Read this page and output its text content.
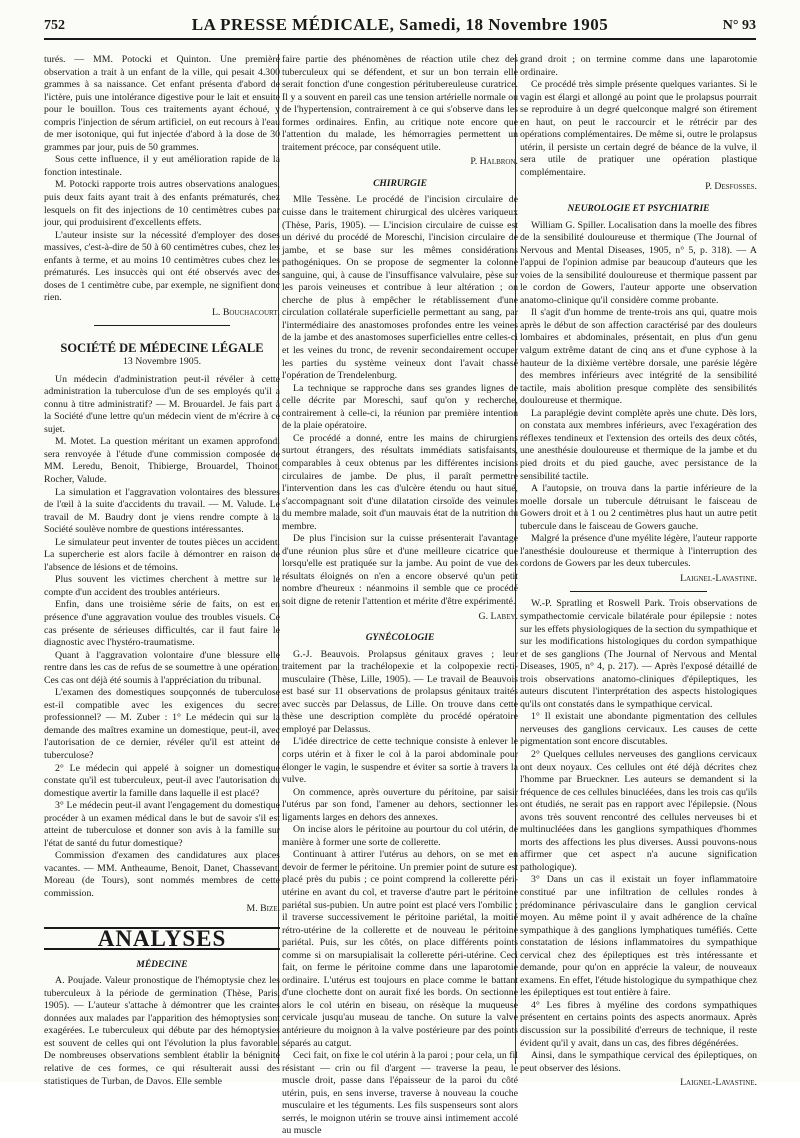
752	LA PRESSE MÉDICALE, Samedi, 18 Novembre 1905	N° 93

turés. — MM. Potocki et Quinton. Une première observation a trait à un enfant de la ville, qui pesait 4.300 grammes à sa naissance. Cet enfant présenta d'abord de l'ictère, puis une intolérance digestive pour le lait et ensuite pour le bouillon. Tous ces traitements ayant échoué, y compris l'injection de sérum artificiel, on eut recours à l'eau de mer isotonique, qui fut injectée d'abord à la dose de 30 grammes par jour, puis de 50 grammes.

Sous cette influence, il y eut amélioration rapide de la fonction intestinale.

M. Potocki rapporte trois autres observations analogues, puis deux faits ayant trait à des enfants prématurés, chez lesquels on fit des injections de 10 centimètres cubes par jour, qui produisirent d'excellents effets.

L'auteur insiste sur la nécessité d'employer des doses massives, c'est-à-dire de 50 à 60 centimètres cubes, chez les enfants à terme, et au moins 10 centimètres cubes chez les prématurés. Les insuccès qui ont été observés avec des doses de 1 centimètre cube, par exemple, ne signifient donc rien.

L. Bouchacourt.

SOCIÉTÉ DE MÉDECINE LÉGALE
13 Novembre 1905.

Un médecin d'administration peut-il révéler à cette administration la tuberculose d'un de ses employés qu'il a connu à titre administratif? — M. Brouardel. Je fais part à la Société d'une lettre qu'un médecin vient de m'écrire à ce sujet.

M. Motet. La question méritant un examen approfondi sera renvoyée à l'étude d'une commission composée de MM. Leredu, Benoit, Thibierge, Brouardel, Thoinot, Rocher, Valude.

La simulation et l'aggravation volontaires des blessures de l'œil à la suite d'accidents du travail. — M. Valude. Le travail de M. Baudry dont je viens rendre compte à la Société soulève nombre de questions intéressantes.

Le simulateur peut inventer de toutes pièces un accident. La supercherie est alors facile à démontrer en raison de l'absence de lésions et de témoins.

Plus souvent les victimes cherchent à mettre sur le compte d'un accident des troubles antérieurs.

Enfin, dans une troisième série de faits, on est en présence d'une aggravation voulue des troubles visuels. Ce cas présente de sérieuses difficultés, car il faut faire le diagnostic avec l'hystéro-traumatisme.

Quant à l'aggravation volontaire d'une blessure elle rentre dans les cas de refus de se soumettre à une opération. Ces cas ont déjà été soumis à l'appréciation du tribunal.

L'examen des domestiques soupçonnés de tuberculose est-il compatible avec les exigences du secret professionnel? — M. Zuber : 1° Le médecin qui sur la demande des maîtres examine un domestique, peut-il, avec l'autorisation de ce dernier, révéler qu'il est atteint de tuberculose?

2° Le médecin qui appelé à soigner un domestique constate qu'il est tuberculeux, peut-il avec l'autorisation du domestique avertir la famille dans laquelle il est placé?

3° Le médecin peut-il avant l'engagement du domestique procéder à un examen médical dans le but de savoir s'il est atteint de tuberculose et donner son avis à la famille sur l'état de santé du futur domestique?

Commission d'examen des candidatures aux places vacantes. — MM. Antheaume, Benoit, Danet, Chassevant, Moreau (de Tours), sont nommés membres de cette commission.

M. Bize.

ANALYSES
MÉDECINE

A. Poujade. Valeur pronostique de l'hémoptysie chez les tuberculeux à la période de germination (Thèse, Paris, 1905). — L'auteur s'attache à démontrer que les craintes données aux malades par l'apparition des hémoptysies sont exagérées. Le tuberculeux qui débute par des hémoptysies est souvent de celles qui ont l'évolution la plus favorable. De nombreuses observations semblent établir la bénignité relative de ces formes, ce qui résulterait aussi des statistiques de Turban, de Davos. Elle semble

faire partie des phénomènes de réaction utile chez des tuberculeux qui se défendent, et sur un bon terrain elle serait fonction d'une congestion péritubereuleuse curatrice. Il y a souvent en pareil cas une tension artérielle normale ou de l'hypertension, contrairement à ce qui s'observe dans les formes ordinaires. Enfin, au critique note encore que l'attention du malade, les hémorragies permettent un traitement précoce, par conséquent utile.

P. Halbron.

CHIRURGIE

Mlle Tessène. Le procédé de l'incision circulaire de cuisse dans le traitement chirurgical des ulcères variqueux (Thèse, Paris, 1905). — L'incision circulaire de cuisse est un dérivé du procédé de Moreschi, l'incision circulaire de jambe, et se base sur les mêmes considérations pathogéniques. On se propose de segmenter la colonne sanguine, qui, à cause de l'insuffisance valvulaire, pèse sur les parois veineuses et contribue à leur altération ; on cherche de plus à empêcher le rétablissement d'une circulation collatérale superficielle permettant au sang, par l'intermédiaire des anastomoses profondes entre les veines de la jambe et des anastomoses superficielles entre celles-ci et les veines du tronc, de revenir secondairement occuper les parties du système veineux dont l'avait chassé l'opération de Trendelenburg.

La technique se rapproche dans ses grandes lignes de celle décrite par Moreschi, sauf qu'on y recherche, contrairement à celle-ci, la réunion par première intention de la plaie opératoire.

Ce procédé a donné, entre les mains de chirurgiens surtout étrangers, des résultats immédiats satisfaisants, comparables à ceux obtenus par les différentes incisions circulaires de jambe. De plus, il paraît permettre l'intervention dans les cas d'ulcère étendu ou haut situé, s'accompagnant soit d'une dilatation cirsoïde des veinules du membre malade, soit d'un mauvais état de la nutrition du membre.

De plus l'incision sur la cuisse présenterait l'avantage d'une réunion plus sûre et d'une meilleure cicatrice que lorsqu'elle est pratiquée sur la jambe. Au point de vue des résultats éloignés on n'en a encore observé qu'un petit nombre d'heureux : néanmoins il semble que ce procédé soit digne de retenir l'attention et mérite d'être expérimenté.

G. Labey.

GYNÉCOLOGIE

G.-J. Beauvois. Prolapsus génitaux graves ; leur traitement par la trachélopexie et la colpopexie recti-musculaire (Thèse, Lille, 1905). — Le travail de Beauvois est basé sur 11 observations de prolapsus génitaux traités avec succès par Delassus, de Lille. On trouve dans cette thèse une description complète du procédé opératoire employé par Delassus.

L'idée directrice de cette technique consiste à enlever le corps utérin et à fixer le col à la paroi abdominale pour élonger le vagin, le suspendre et éviter sa sortie à travers la vulve.

On commence, après ouverture du péritoine, par saisir l'utérus par son fond, l'amener au dehors, sectionner les ligaments larges en dehors des annexes.

On incise alors le péritoine au pourtour du col utérin, de manière à former une sorte de collerette.

Continuant à attirer l'utérus au dehors, on se met en devoir de fermer le péritoine. Un premier point de suture est placé près du pubis ; ce point comprend la collerette péri-utérine en avant du col, et traverse d'autre part le péritoine pariétal sus-pubien. Un autre point est placé vers l'ombilic ; il traverse successivement le péritoine pariétal, la moitié rétro-utérine de la collerette et de nouveau le péritoine pariétal. Puis, sur les côtés, on place différents points comme si on marsupialisait la collerette péri-utérine. Ceci fait, on ferme le péritoine comme dans une laparotomie ordinaire. L'utérus est toujours en place comme le battant d'une clochette dont on aurait fixé les bords. On sectionne alors le col utérin en biseau, on résèque la muqueuse cervicale jusqu'au museau de tanche. On suture la valve antérieure du moignon à la valve postérieure par des points séparés au catgut.

Ceci fait, on fixe le col utérin à la paroi ; pour cela, un fil résistant — crin ou fil d'argent — traverse la peau, le muscle droit, passe dans l'épaisseur de la paroi du côté utérin, puis, en sens inverse, traverse à nouveau la couche musculaire et les téguments. Les fils suspenseurs sont alors serrés, le moignon utérin se trouve ainsi intimement accolé au muscle

grand droit ; on termine comme dans une laparotomie ordinaire.

Ce procédé très simple présente quelques variantes. Si le vagin est élargi et allongé au point que le prolapsus pourrait se reproduire à un degré quelconque malgré son étirement en haut, on peut le raccourcir et le rétrécir par des opérations complémentaires. De même si, outre le prolapsus utérin, il persiste un certain degré de béance de la vulve, il sera utile de pratiquer une opération plastique complémentaire.

P. Desfosses.

NEUROLOGIE ET PSYCHIATRIE

William G. Spiller. Localisation dans la moelle des fibres de la sensibilité douloureuse et thermique (The Journal of Nervous and Mental Diseases, 1905, n° 5, p. 318). — A l'appui de l'opinion admise par beaucoup d'auteurs que les voies de la sensibilité douloureuse et thermique passent par le cordon de Gowers, l'auteur apporte une observation anatomo-clinique qu'il considère comme probante.

Il s'agit d'un homme de trente-trois ans qui, quatre mois après le début de son affection caractérisé par des douleurs lombaires et abdominales, présentait, en plus d'un genu valgum extrême datant de cinq ans et d'une cyphose à la hauteur de la dixième vertèbre dorsale, une parésie légère des membres inférieurs avec intégrité de la sensibilité tactile, mais abolition presque complète des sensibilités douloureuse et thermique.

La paraplégie devint complète après une chute. Dès lors, on constata aux membres inférieurs, avec l'exagération des réflexes tendineux et l'extension des orteils des deux côtés, une anesthésie douloureuse et thermique de la jambe et du pied droits et du pied gauche, avec persistance de la sensibilité tactile.

A l'autopsie, on trouva dans la partie inférieure de la moelle dorsale un tubercule détruisant le faisceau de Gowers droit et à 1 ou 2 centimètres plus haut un autre petit tubercule dans le faisceau de Gowers gauche.

Malgré la présence d'une myélite légère, l'auteur rapporte l'anesthésie douloureuse et thermique à l'interruption des cordons de Gowers par les deux tubercules.

Laignel-Lavastine.

W.-P. Spratling et Roswell Park. Trois observations de sympathectomie cervicale bilatérale pour épilepsie : notes sur les effets physiologiques de la section du sympathique et sur les modifications histologiques du cordon sympathique et de ses ganglions (The Journal of Nervous and Mental Diseases, 1905, n° 4, p. 217). — Après l'exposé détaillé de trois observations anatomo-cliniques d'épileptiques, les auteurs discutent l'interprétation des aspects histologiques qu'ils ont constatés dans le sympathique cervical.

1° Il existait une abondante pigmentation des cellules nerveuses des ganglions cervicaux. Les causes de cette pigmentation sont encore discutables.

2° Quelques cellules nerveuses des ganglions cervicaux ont deux noyaux. Ces cellules ont été déjà décrites chez l'homme par Brueckner. Les auteurs se demandent si la fréquence de ces cellules binucléées, dans les trois cas qu'ils ont étudiés, ne serait pas en rapport avec l'épilepsie. (Nous avons très souvent rencontré des cellules nerveuses bi et multinucléées dans les ganglions sympathiques d'hommes morts des affections les plus diverses. Aussi pouvons-nous affirmer que cet aspect n'a aucune signification pathologique).

3° Dans un cas il existait un foyer inflammatoire constitué par une infiltration de cellules rondes à prédominance périvasculaire dans le ganglion cervical moyen. Au même point il y avait adhérence de la chaîne sympathique à des ganglions lymphatiques tuméfiés. Cette constatation de lésions inflammatoires du sympathique cervical chez des épileptiques est très intéressante et demande, pour qu'on en apprécie la valeur, de nouveaux examens. En effet, l'étude histologique du sympathique chez les épileptiques est tout entière à faire.

4° Les fibres à myéline des cordons sympathiques présentent en certains points des aspects anormaux. Après discussion sur la possibilité d'erreurs de technique, il reste évident qu'il y avait, dans un cas, des fibres dégénérées.

Ainsi, dans le sympathique cervical des épileptiques, on peut observer des lésions.

Laignel-Lavastine.
